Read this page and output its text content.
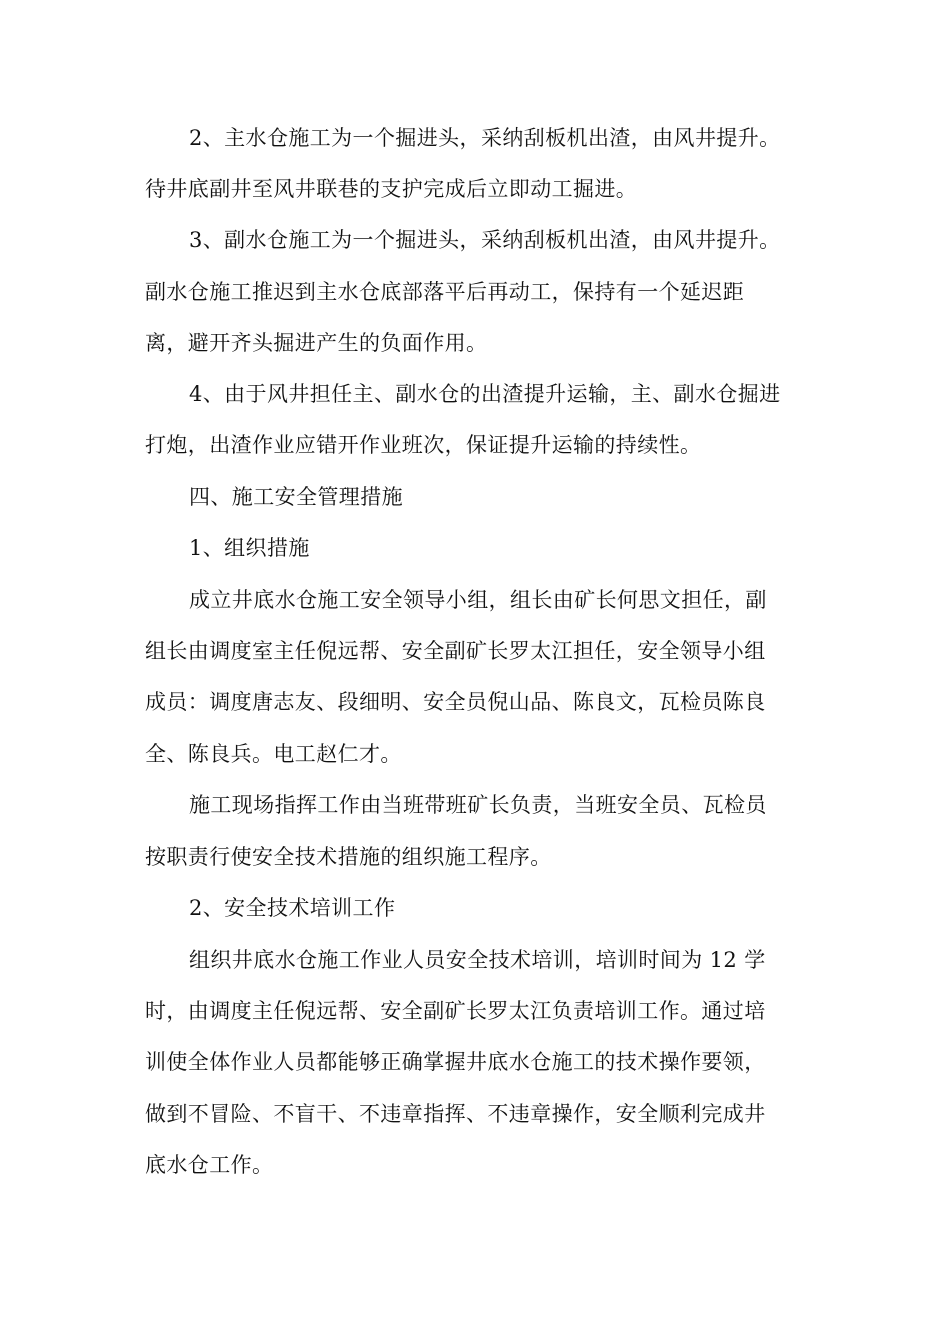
2、主水仓施工为一个掘进头，采纳刮板机出渣，由风井提升。
待井底副井至风井联巷的支护完成后立即动工掘进。
3、副水仓施工为一个掘进头，采纳刮板机出渣，由风井提升。
副水仓施工推迟到主水仓底部落平后再动工，保持有一个延迟距
离，避开齐头掘进产生的负面作用。
4、由于风井担任主、副水仓的出渣提升运输，主、副水仓掘进
打炮，出渣作业应错开作业班次，保证提升运输的持续性。
四、施工安全管理措施
1、组织措施
成立井底水仓施工安全领导小组，组长由矿长何思文担任，副
组长由调度室主任倪远帮、安全副矿长罗太江担任，安全领导小组
成员：调度唐志友、段细明、安全员倪山品、陈良文，瓦检员陈良
全、陈良兵。电工赵仁才。
施工现场指挥工作由当班带班矿长负责，当班安全员、瓦检员
按职责行使安全技术措施的组织施工程序。
2、安全技术培训工作
组织井底水仓施工作业人员安全技术培训，培训时间为 12 学
时，由调度主任倪远帮、安全副矿长罗太江负责培训工作。通过培
训使全体作业人员都能够正确掌握井底水仓施工的技术操作要领，
做到不冒险、不盲干、不违章指挥、不违章操作，安全顺利完成井
底水仓工作。
